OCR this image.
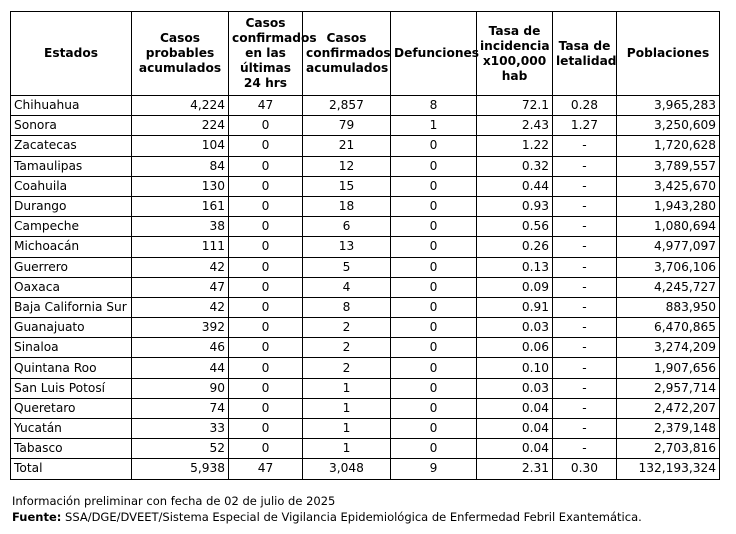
Estados	Casos probables acumulados	Casos confirmados en las últimas 24 hrs	Casos confirmados acumulados	Defunciones	Tasa de incidencia x100,000 hab	Tasa de letalidad	Poblaciones
Chihuahua	4,224	47	2,857	8	72.1	0.28	3,965,283
Sonora	224	0	79	1	2.43	1.27	3,250,609
Zacatecas	104	0	21	0	1.22	-	1,720,628
Tamaulipas	84	0	12	0	0.32	-	3,789,557
Coahuila	130	0	15	0	0.44	-	3,425,670
Durango	161	0	18	0	0.93	-	1,943,280
Campeche	38	0	6	0	0.56	-	1,080,694
Michoacán	111	0	13	0	0.26	-	4,977,097
Guerrero	42	0	5	0	0.13	-	3,706,106
Oaxaca	47	0	4	0	0.09	-	4,245,727
Baja California Sur	42	0	8	0	0.91	-	883,950
Guanajuato	392	0	2	0	0.03	-	6,470,865
Sinaloa	46	0	2	0	0.06	-	3,274,209
Quintana Roo	44	0	2	0	0.10	-	1,907,656
San Luis Potosí	90	0	1	0	0.03	-	2,957,714
Queretaro	74	0	1	0	0.04	-	2,472,207
Yucatán	33	0	1	0	0.04	-	2,379,148
Tabasco	52	0	1	0	0.04	-	2,703,816
Total	5,938	47	3,048	9	2.31	0.30	132,193,324
Información preliminar con fecha de 02 de julio de 2025
Fuente: SSA/DGE/DVEET/Sistema Especial de Vigilancia Epidemiológica de Enfermedad Febril Exantemática.
